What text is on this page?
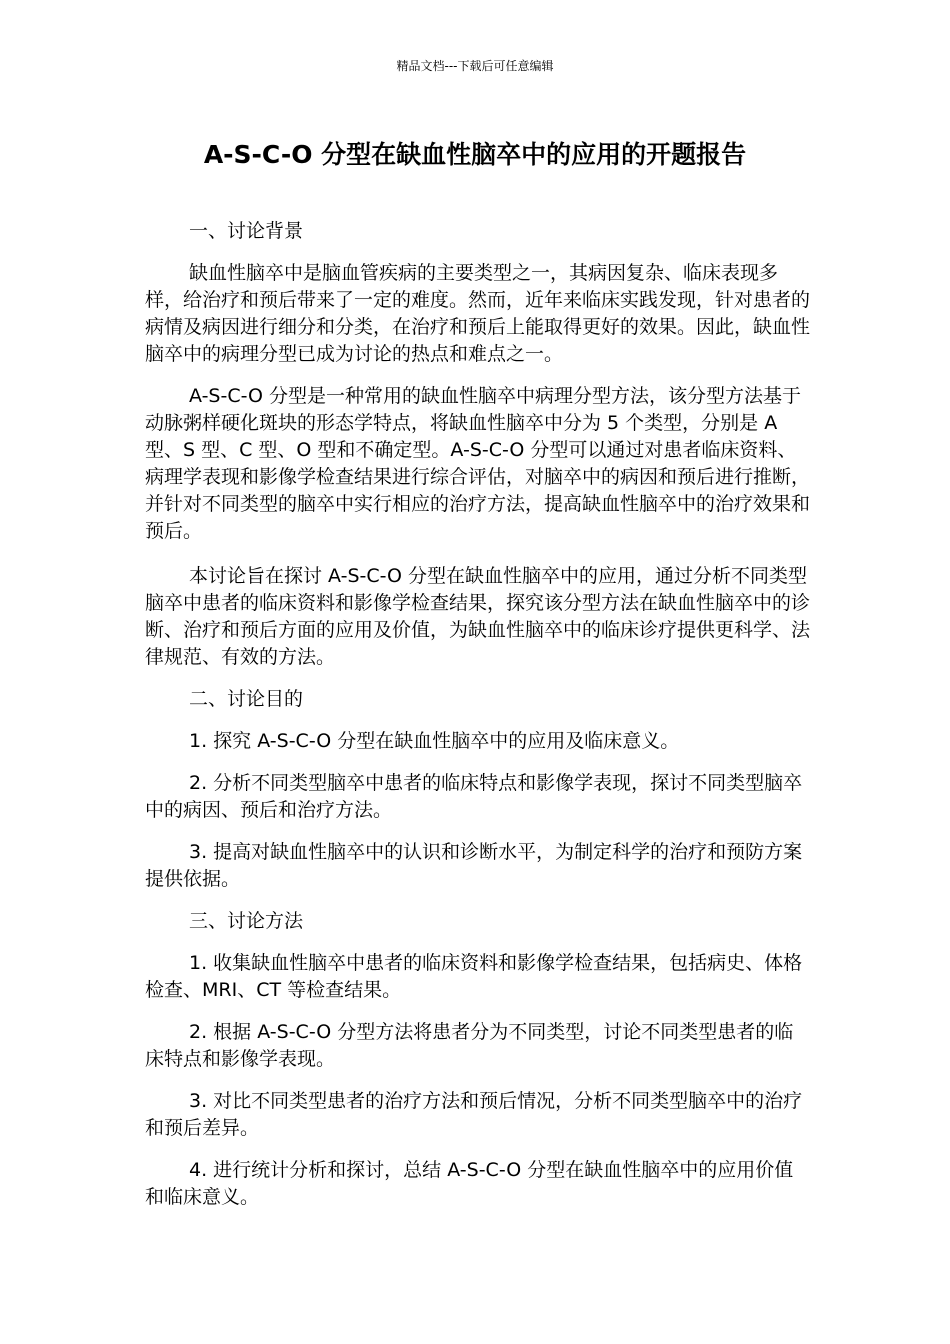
精品文档---下载后可任意编辑
A-S-C-O 分型在缺血性脑卒中的应用的开题报告

一、讨论背景

缺血性脑卒中是脑血管疾病的主要类型之一，其病因复杂、临床表现多样，给治疗和预后带来了一定的难度。然而，近年来临床实践发现，针对患者的病情及病因进行细分和分类，在治疗和预后上能取得更好的效果。因此，缺血性脑卒中的病理分型已成为讨论的热点和难点之一。

A-S-C-O 分型是一种常用的缺血性脑卒中病理分型方法，该分型方法基于动脉粥样硬化斑块的形态学特点，将缺血性脑卒中分为 5 个类型，分别是 A 型、S 型、C 型、O 型和不确定型。A-S-C-O 分型可以通过对患者临床资料、病理学表现和影像学检查结果进行综合评估，对脑卒中的病因和预后进行推断，并针对不同类型的脑卒中实行相应的治疗方法，提高缺血性脑卒中的治疗效果和预后。

本讨论旨在探讨 A-S-C-O 分型在缺血性脑卒中的应用，通过分析不同类型脑卒中患者的临床资料和影像学检查结果，探究该分型方法在缺血性脑卒中的诊断、治疗和预后方面的应用及价值，为缺血性脑卒中的临床诊疗提供更科学、法律规范、有效的方法。

二、讨论目的

1. 探究 A-S-C-O 分型在缺血性脑卒中的应用及临床意义。

2. 分析不同类型脑卒中患者的临床特点和影像学表现，探讨不同类型脑卒中的病因、预后和治疗方法。

3. 提高对缺血性脑卒中的认识和诊断水平，为制定科学的治疗和预防方案提供依据。

三、讨论方法

1. 收集缺血性脑卒中患者的临床资料和影像学检查结果，包括病史、体格检查、MRI、CT 等检查结果。

2. 根据 A-S-C-O 分型方法将患者分为不同类型，讨论不同类型患者的临床特点和影像学表现。

3. 对比不同类型患者的治疗方法和预后情况，分析不同类型脑卒中的治疗和预后差异。

4. 进行统计分析和探讨，总结 A-S-C-O 分型在缺血性脑卒中的应用价值和临床意义。
